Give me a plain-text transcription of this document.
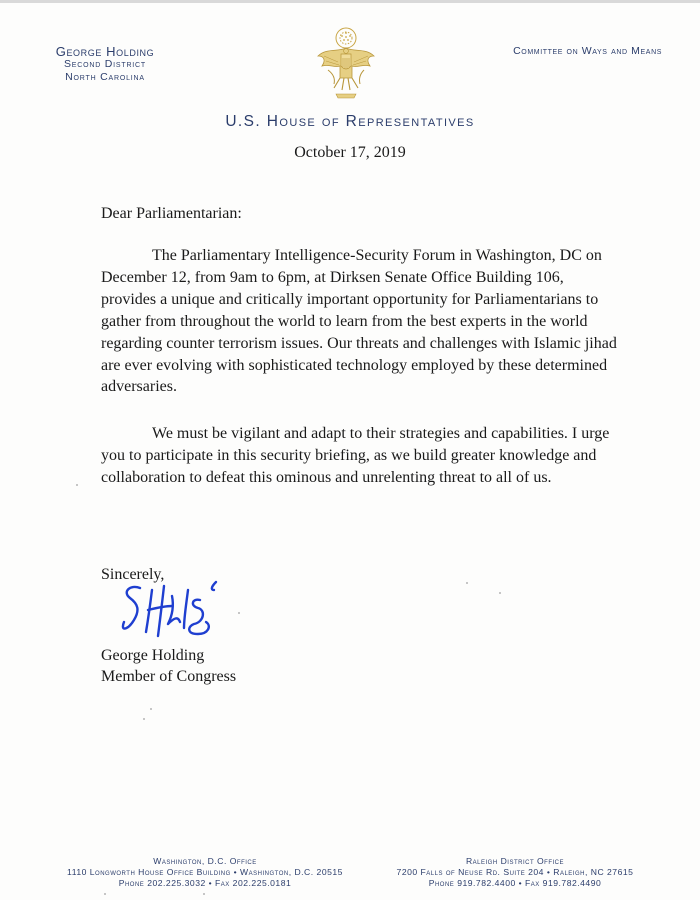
George Holding
Second District
North Carolina
Committee on Ways and Means
U.S. House of Representatives
October 17, 2019
Dear Parliamentarian:
The Parliamentary Intelligence-Security Forum in Washington, DC on December 12, from 9am to 6pm, at Dirksen Senate Office Building 106, provides a unique and critically important opportunity for Parliamentarians to gather from throughout the world to learn from the best experts in the world regarding counter terrorism issues. Our threats and challenges with Islamic jihad are ever evolving with sophisticated technology employed by these determined adversaries.
We must be vigilant and adapt to their strategies and capabilities. I urge you to participate in this security briefing, as we build greater knowledge and collaboration to defeat this ominous and unrelenting threat to all of us.
Sincerely,
George Holding
Member of Congress
Washington, D.C. Office
1110 Longworth House Office Building • Washington, D.C. 20515
Phone 202.225.3032 • Fax 202.225.0181
Raleigh District Office
7200 Falls of Neuse Rd. Suite 204 • Raleigh, NC 27615
Phone 919.782.4400 • Fax 919.782.4490
